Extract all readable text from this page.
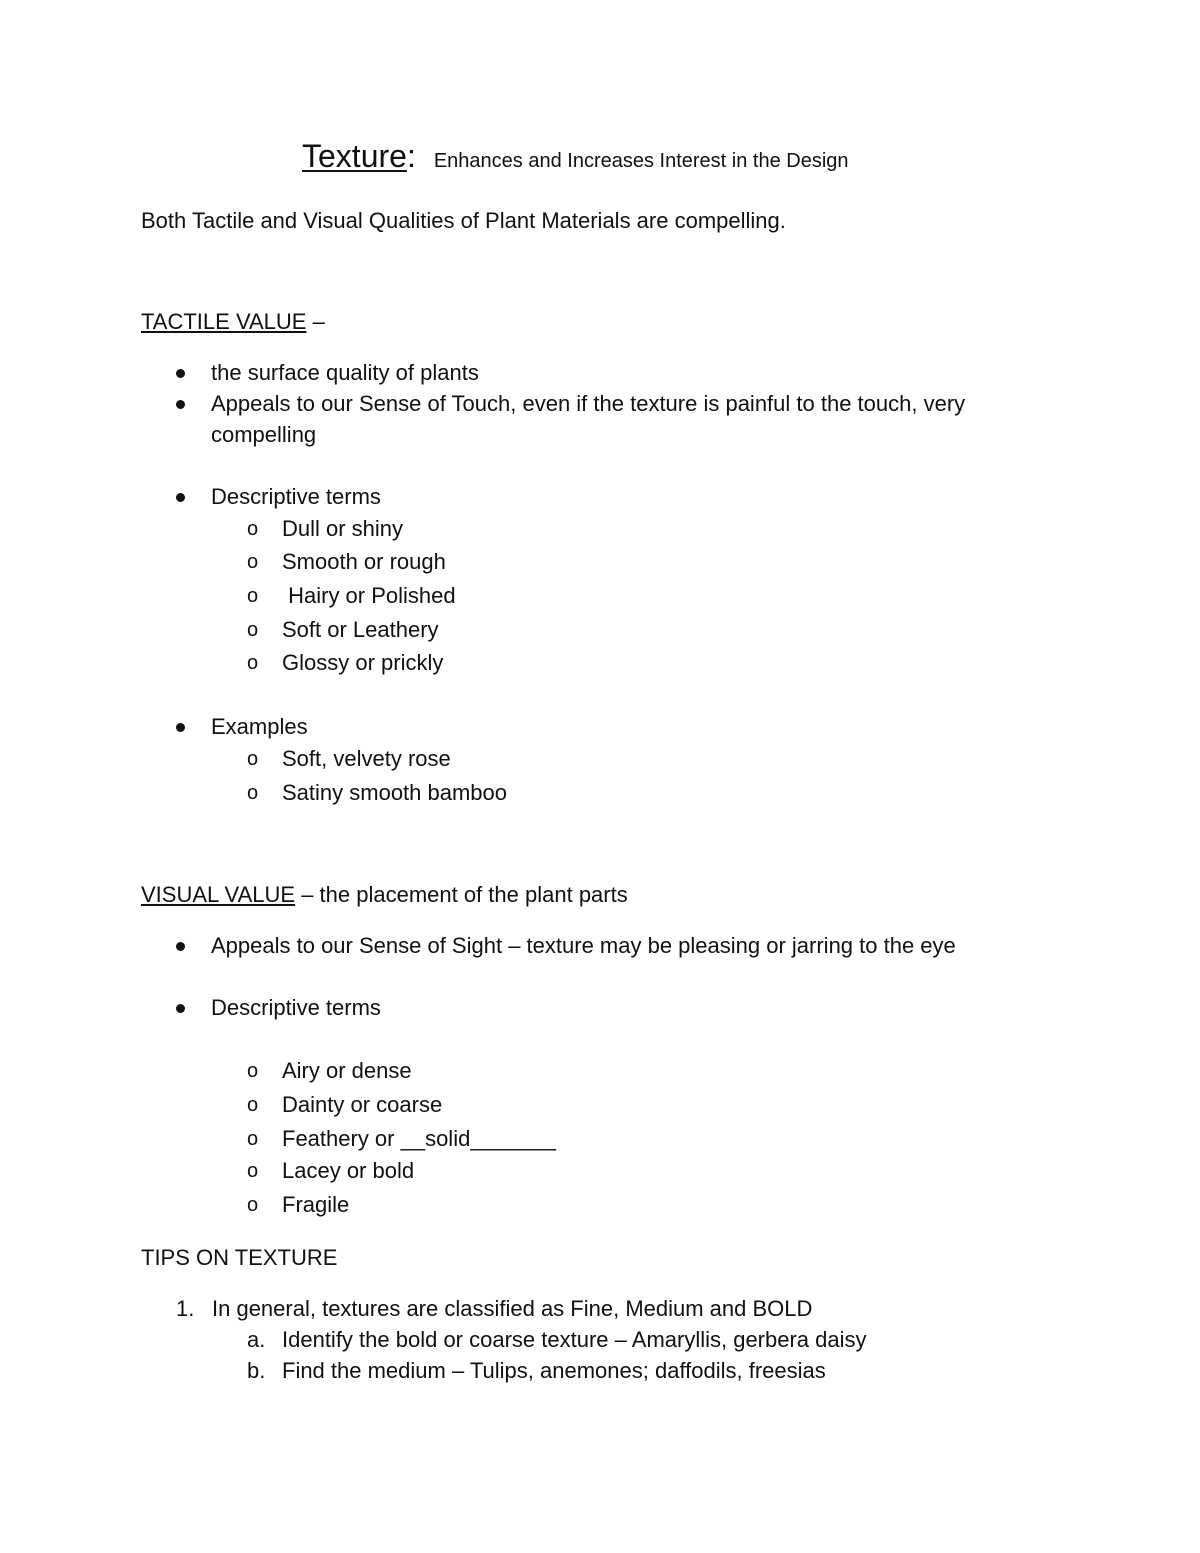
Texture: Enhances and Increases Interest in the Design
Both Tactile and Visual Qualities of Plant Materials are compelling.
TACTILE VALUE –
the surface quality of plants
Appeals to our Sense of Touch, even if the texture is painful to the touch, very
compelling
Descriptive terms
o Dull or shiny
o Smooth or rough
o Hairy or Polished
o Soft or Leathery
o Glossy or prickly
Examples
o Soft, velvety rose
o Satiny smooth bamboo
VISUAL VALUE – the placement of the plant parts
Appeals to our Sense of Sight – texture may be pleasing or jarring to the eye
Descriptive terms
o Airy or dense
o Dainty or coarse
o Feathery or __solid_______
o Lacey or bold
o Fragile
TIPS ON TEXTURE
1. In general, textures are classified as Fine, Medium and BOLD
a. Identify the bold or coarse texture – Amaryllis, gerbera daisy
b. Find the medium – Tulips, anemones; daffodils, freesias
